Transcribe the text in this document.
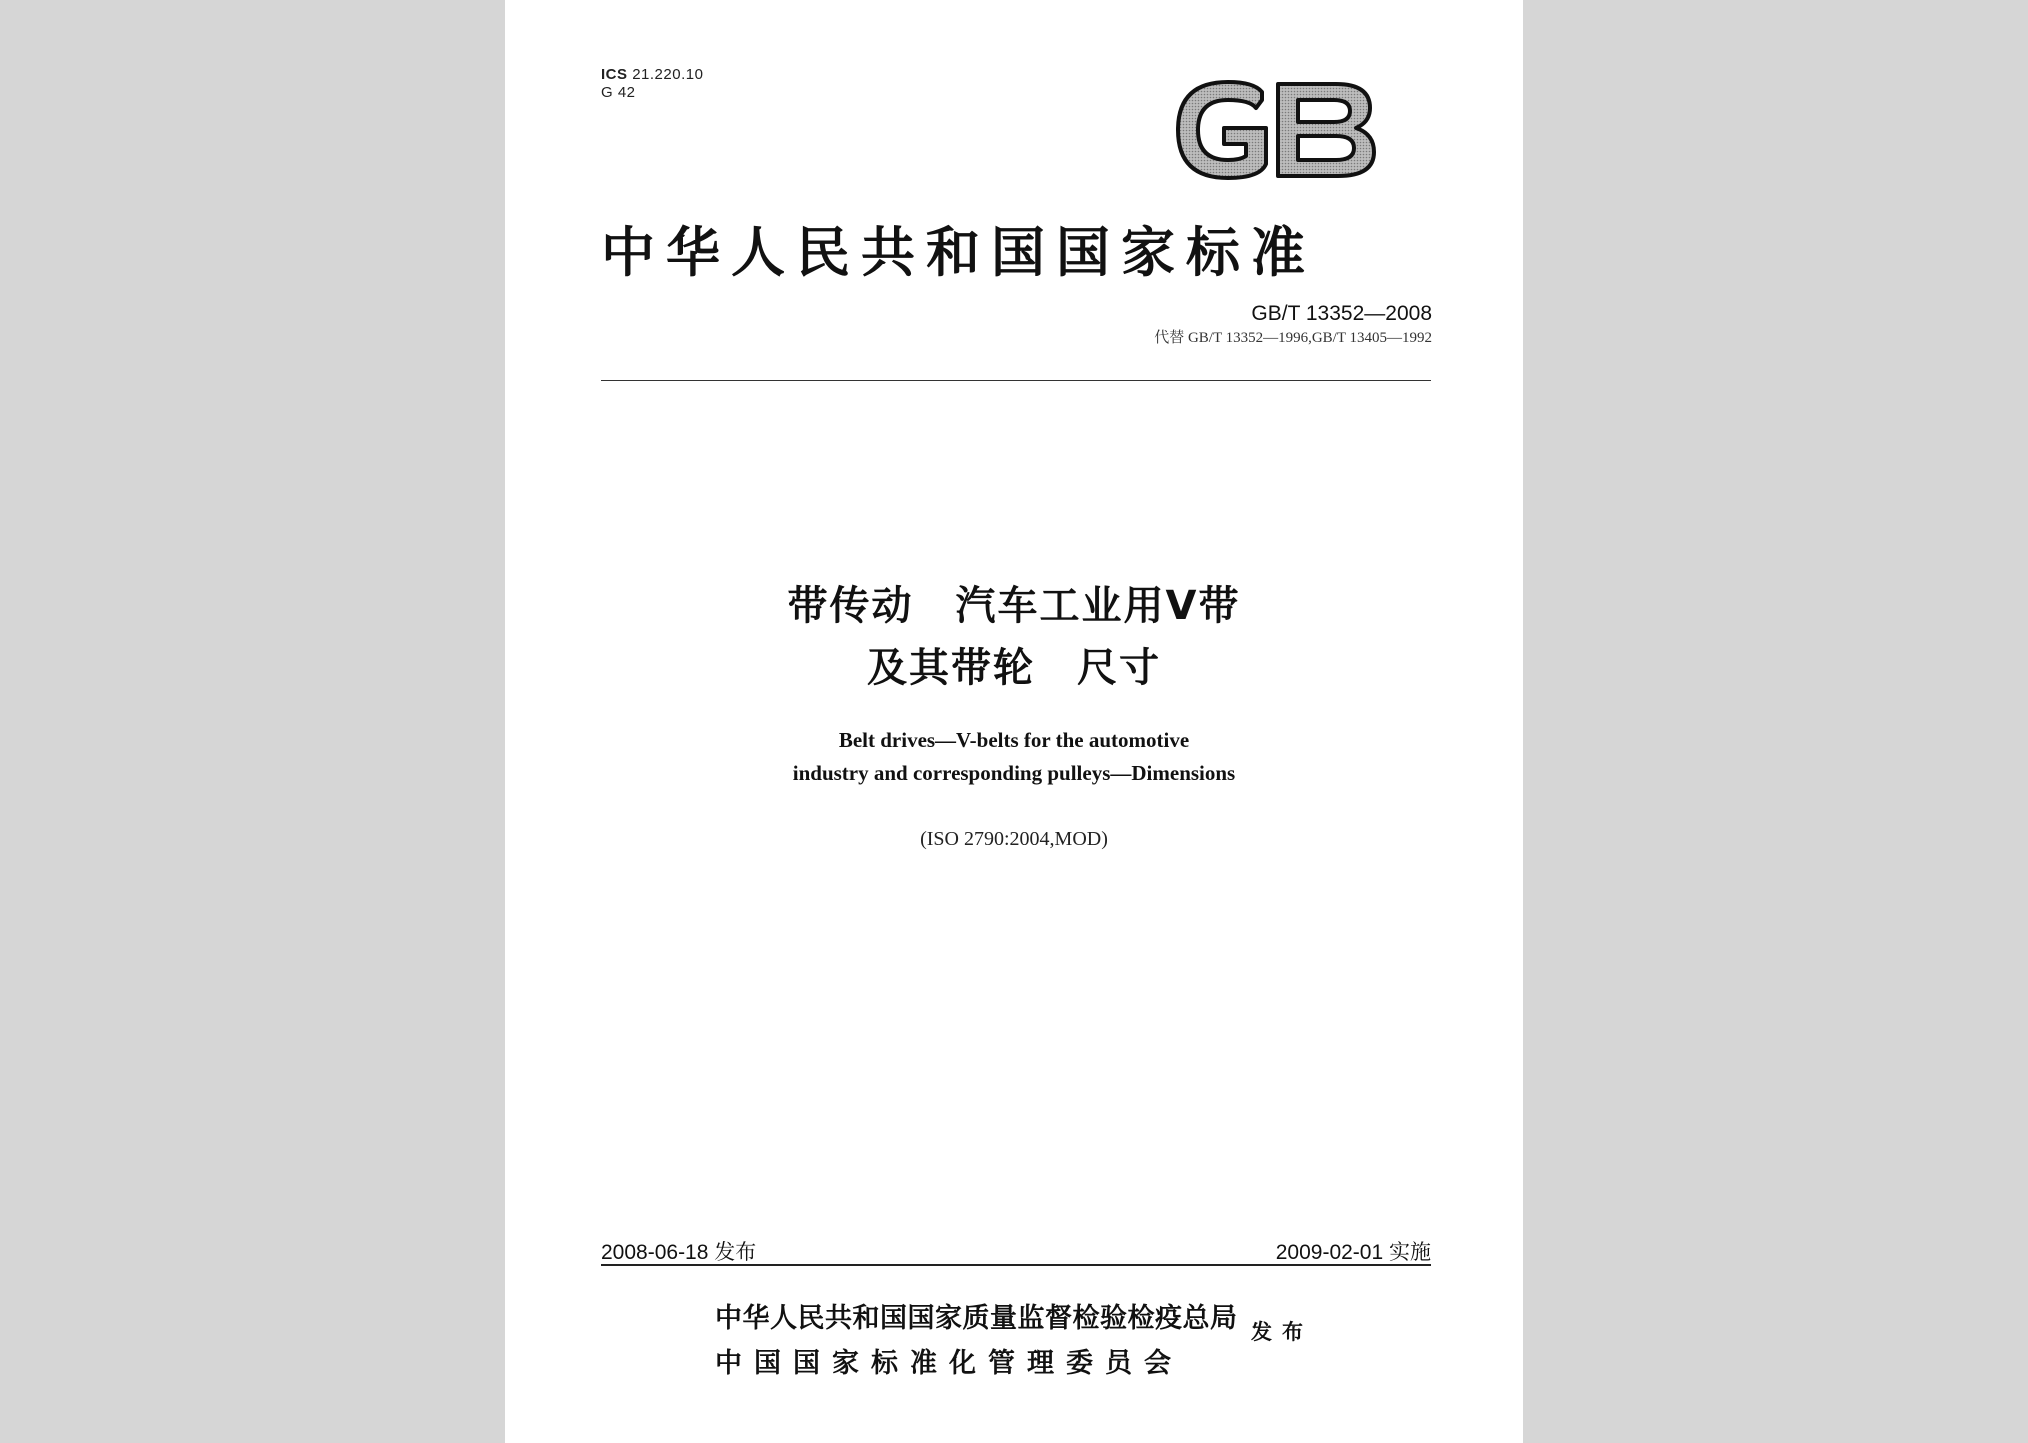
ICS 21.220.10
G 42
中华人民共和国国家标准
GB/T 13352—2008
代替 GB/T 13352—1996,GB/T 13405—1992
带传动　汽车工业用V带
及其带轮　尺寸
Belt drives—V-belts for the automotive
industry and corresponding pulleys—Dimensions
(ISO 2790:2004,MOD)
2008-06-18 发布	2009-02-01 实施
中华人民共和国国家质量监督检验检疫总局
中国国家标准化管理委员会
发布
